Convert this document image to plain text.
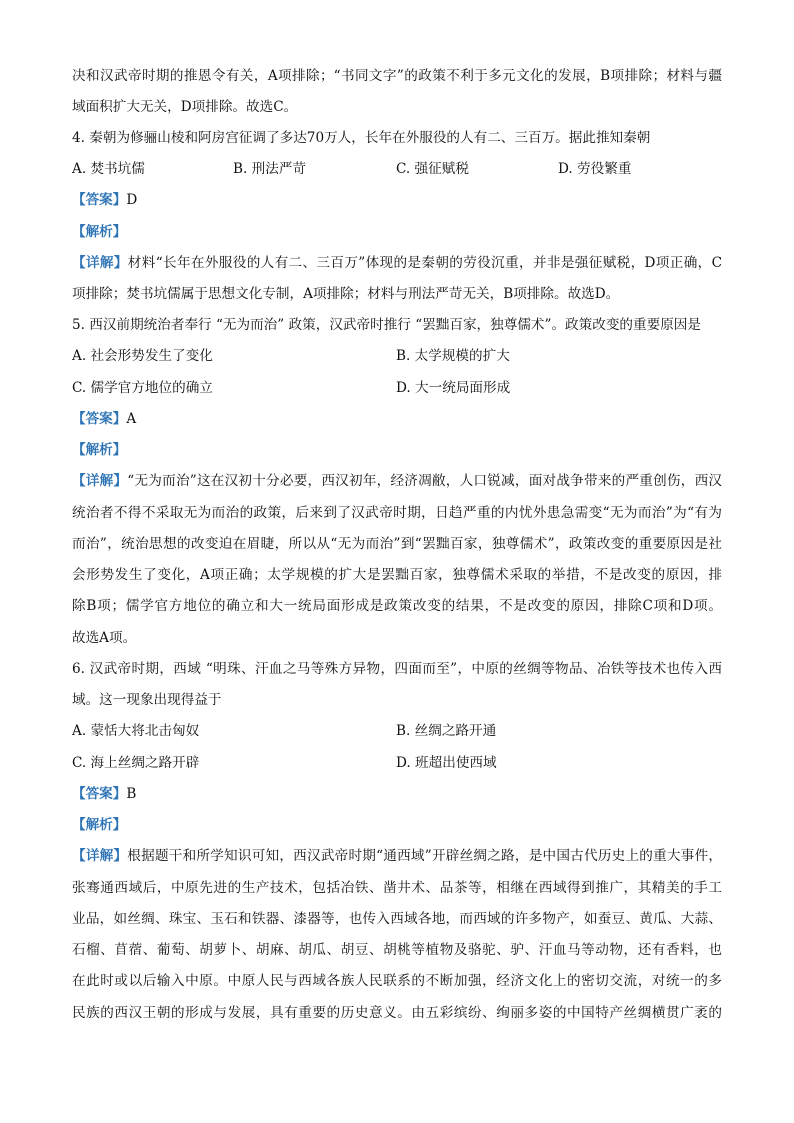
决和汉武帝时期的推恩令有关，A项排除；“书同文字”的政策不利于多元文化的发展，B项排除；材料与疆
域面积扩大无关，D项排除。故选C。
4. 秦朝为修骊山棱和阿房宫征调了多达70万人，长年在外服役的人有二、三百万。据此推知秦朝
A. 焚书坑儒	B. 刑法严苛	C. 强征赋税	D. 劳役繁重
【答案】D
【解析】
【详解】材料“长年在外服役的人有二、三百万”体现的是秦朝的劳役沉重，并非是强征赋税，D项正确，C
项排除；焚书坑儒属于思想文化专制，A项排除；材料与刑法严苛无关，B项排除。故选D。
5. 西汉前期统治者奉行 “无为而治” 政策，汉武帝时推行 “罢黜百家，独尊儒术”。政策改变的重要原因是
A. 社会形势发生了变化	B. 太学规模的扩大
C. 儒学官方地位的确立	D. 大一统局面形成
【答案】A
【解析】
【详解】“无为而治”这在汉初十分必要，西汉初年，经济凋敝，人口锐减，面对战争带来的严重创伤，西汉
统治者不得不采取无为而治的政策，后来到了汉武帝时期，日趋严重的内忧外患急需变“无为而治”为“有为
而治”，统治思想的改变迫在眉睫，所以从“无为而治”到“罢黜百家，独尊儒术”，政策改变的重要原因是社
会形势发生了变化，A项正确；太学规模的扩大是罢黜百家，独尊儒术采取的举措，不是改变的原因，排
除B项；儒学官方地位的确立和大一统局面形成是政策改变的结果，不是改变的原因，排除C项和D项。
故选A项。
6. 汉武帝时期，西域 “明珠、汗血之马等殊方异物，四面而至”，中原的丝绸等物品、冶铁等技术也传入西
域。这一现象出现得益于
A. 蒙恬大将北击匈奴	B. 丝绸之路开通
C. 海上丝绸之路开辟	D. 班超出使西域
【答案】B
【解析】
【详解】根据题干和所学知识可知，西汉武帝时期“通西域”开辟丝绸之路，是中国古代历史上的重大事件，
张骞通西域后，中原先进的生产技术，包括冶铁、凿井术、品茶等，相继在西域得到推广，其精美的手工
业品，如丝绸、珠宝、玉石和铁器、漆器等，也传入西域各地，而西域的许多物产，如蚕豆、黄瓜、大蒜、
石榴、苜蓿、葡萄、胡萝卜、胡麻、胡瓜、胡豆、胡桃等植物及骆驼、驴、汗血马等动物，还有香料，也
在此时或以后输入中原。中原人民与西域各族人民联系的不断加强，经济文化上的密切交流，对统一的多
民族的西汉王朝的形成与发展，具有重要的历史意义。由五彩缤纷、绚丽多姿的中国特产丝绸横贯广袤的
